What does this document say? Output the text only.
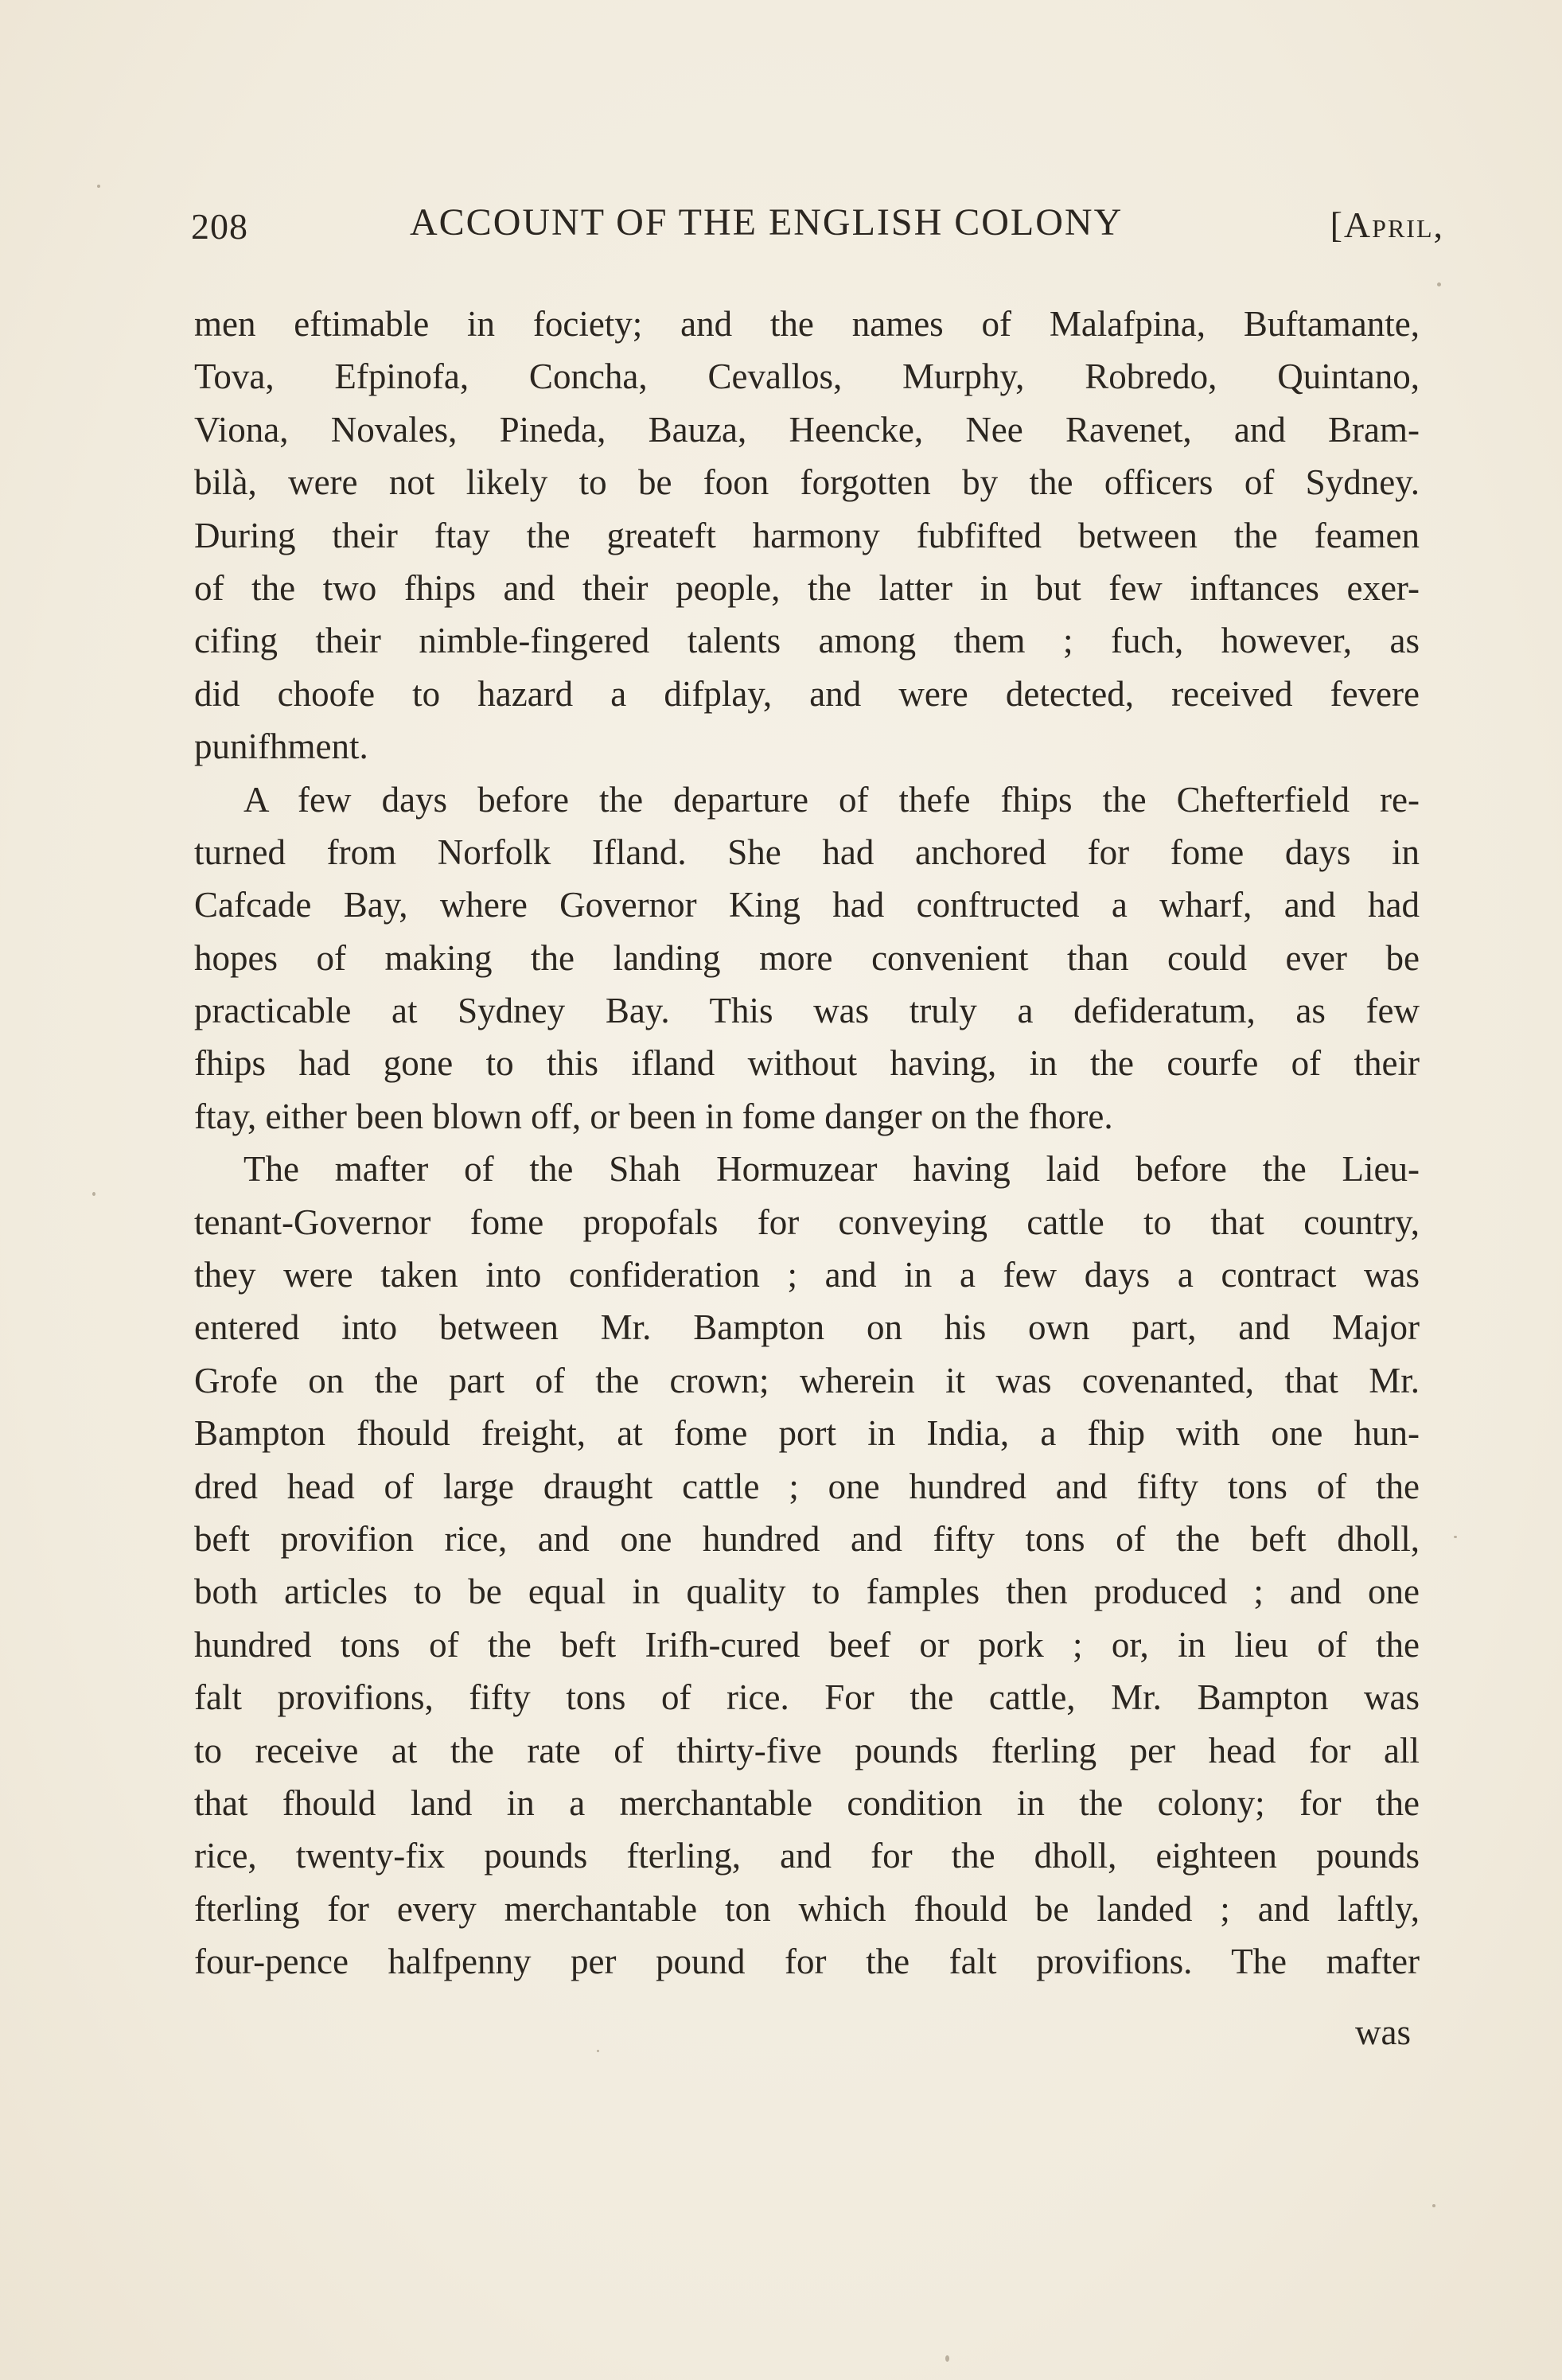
208	ACCOUNT OF THE ENGLISH COLONY	[April,
men eftimable in fociety; and the names of Malafpina, Buftamante,
Tova, Efpinofa, Concha, Cevallos, Murphy, Robredo, Quintano,
Viona, Novales, Pineda, Bauza, Heencke, Nee Ravenet, and Bram-
bilà, were not likely to be foon forgotten by the officers of Sydney.
During their ftay the greateft harmony fubfifted between the feamen
of the two fhips and their people, the latter in but few inftances exer-
cifing their nimble-fingered talents among them ; fuch, however, as
did choofe to hazard a difplay, and were detected, received fevere
punifhment.
A few days before the departure of thefe fhips the Chefterfield re-
turned from Norfolk Ifland. She had anchored for fome days in
Cafcade Bay, where Governor King had conftructed a wharf, and had
hopes of making the landing more convenient than could ever be
practicable at Sydney Bay. This was truly a defideratum, as few
fhips had gone to this ifland without having, in the courfe of their
ftay, either been blown off, or been in fome danger on the fhore.
The mafter of the Shah Hormuzear having laid before the Lieu-
tenant-Governor fome propofals for conveying cattle to that country,
they were taken into confideration ; and in a few days a contract was
entered into between Mr. Bampton on his own part, and Major
Grofe on the part of the crown; wherein it was covenanted, that Mr.
Bampton fhould freight, at fome port in India, a fhip with one hun-
dred head of large draught cattle ; one hundred and fifty tons of the
beft provifion rice, and one hundred and fifty tons of the beft dholl,
both articles to be equal in quality to famples then produced ; and one
hundred tons of the beft Irifh-cured beef or pork ; or, in lieu of the
falt provifions, fifty tons of rice. For the cattle, Mr. Bampton was
to receive at the rate of thirty-five pounds fterling per head for all
that fhould land in a merchantable condition in the colony; for the
rice, twenty-fix pounds fterling, and for the dholl, eighteen pounds
fterling for every merchantable ton which fhould be landed ; and laftly,
four-pence halfpenny per pound for the falt provifions. The mafter
was
